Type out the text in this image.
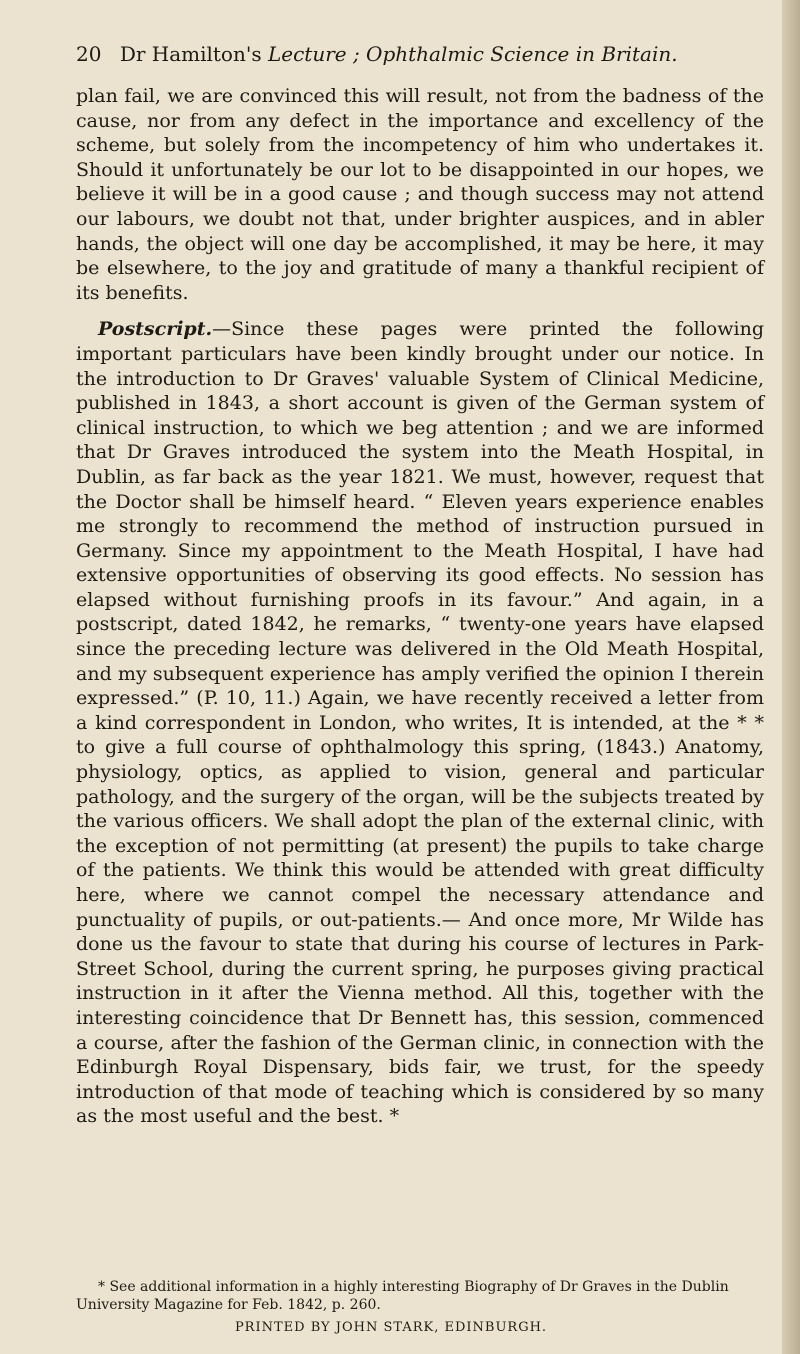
20 Dr Hamilton's Lecture ; Ophthalmic Science in Britain.

plan fail, we are convinced this will result, not from the badness of the cause, nor from any defect in the importance and excellency of the scheme, but solely from the incompetency of him who undertakes it. Should it unfortunately be our lot to be disappointed in our hopes, we believe it will be in a good cause ; and though success may not attend our labours, we doubt not that, under brighter auspices, and in abler hands, the object will one day be accomplished, it may be here, it may be elsewhere, to the joy and gratitude of many a thankful recipient of its benefits.

Postscript.—Since these pages were printed the following important particulars have been kindly brought under our notice. In the introduction to Dr Graves' valuable System of Clinical Medicine, published in 1843, a short account is given of the German system of clinical instruction, to which we beg attention ; and we are informed that Dr Graves introduced the system into the Meath Hospital, in Dublin, as far back as the year 1821. We must, however, request that the Doctor shall be himself heard. “ Eleven years experience enables me strongly to recommend the method of instruction pursued in Germany. Since my appointment to the Meath Hospital, I have had extensive opportunities of observing its good effects. No session has elapsed without furnishing proofs in its favour.” And again, in a postscript, dated 1842, he remarks, “ twenty-one years have elapsed since the preceding lecture was delivered in the Old Meath Hospital, and my subsequent experience has amply verified the opinion I therein expressed.” (P. 10, 11.) Again, we have recently received a letter from a kind correspondent in London, who writes, It is intended, at the * * to give a full course of ophthalmology this spring, (1843.) Anatomy, physiology, optics, as applied to vision, general and particular pathology, and the surgery of the organ, will be the subjects treated by the various officers. We shall adopt the plan of the external clinic, with the exception of not permitting (at present) the pupils to take charge of the patients. We think this would be attended with great difficulty here, where we cannot compel the necessary attendance and punctuality of pupils, or out-patients.— And once more, Mr Wilde has done us the favour to state that during his course of lectures in Park-Street School, during the current spring, he purposes giving practical instruction in it after the Vienna method. All this, together with the interesting coincidence that Dr Bennett has, this session, commenced a course, after the fashion of the German clinic, in connection with the Edinburgh Royal Dispensary, bids fair, we trust, for the speedy introduction of that mode of teaching which is considered by so many as the most useful and the best. *

* See additional information in a highly interesting Biography of Dr Graves in the Dublin University Magazine for Feb. 1842, p. 260.
PRINTED BY JOHN STARK, EDINBURGH.
